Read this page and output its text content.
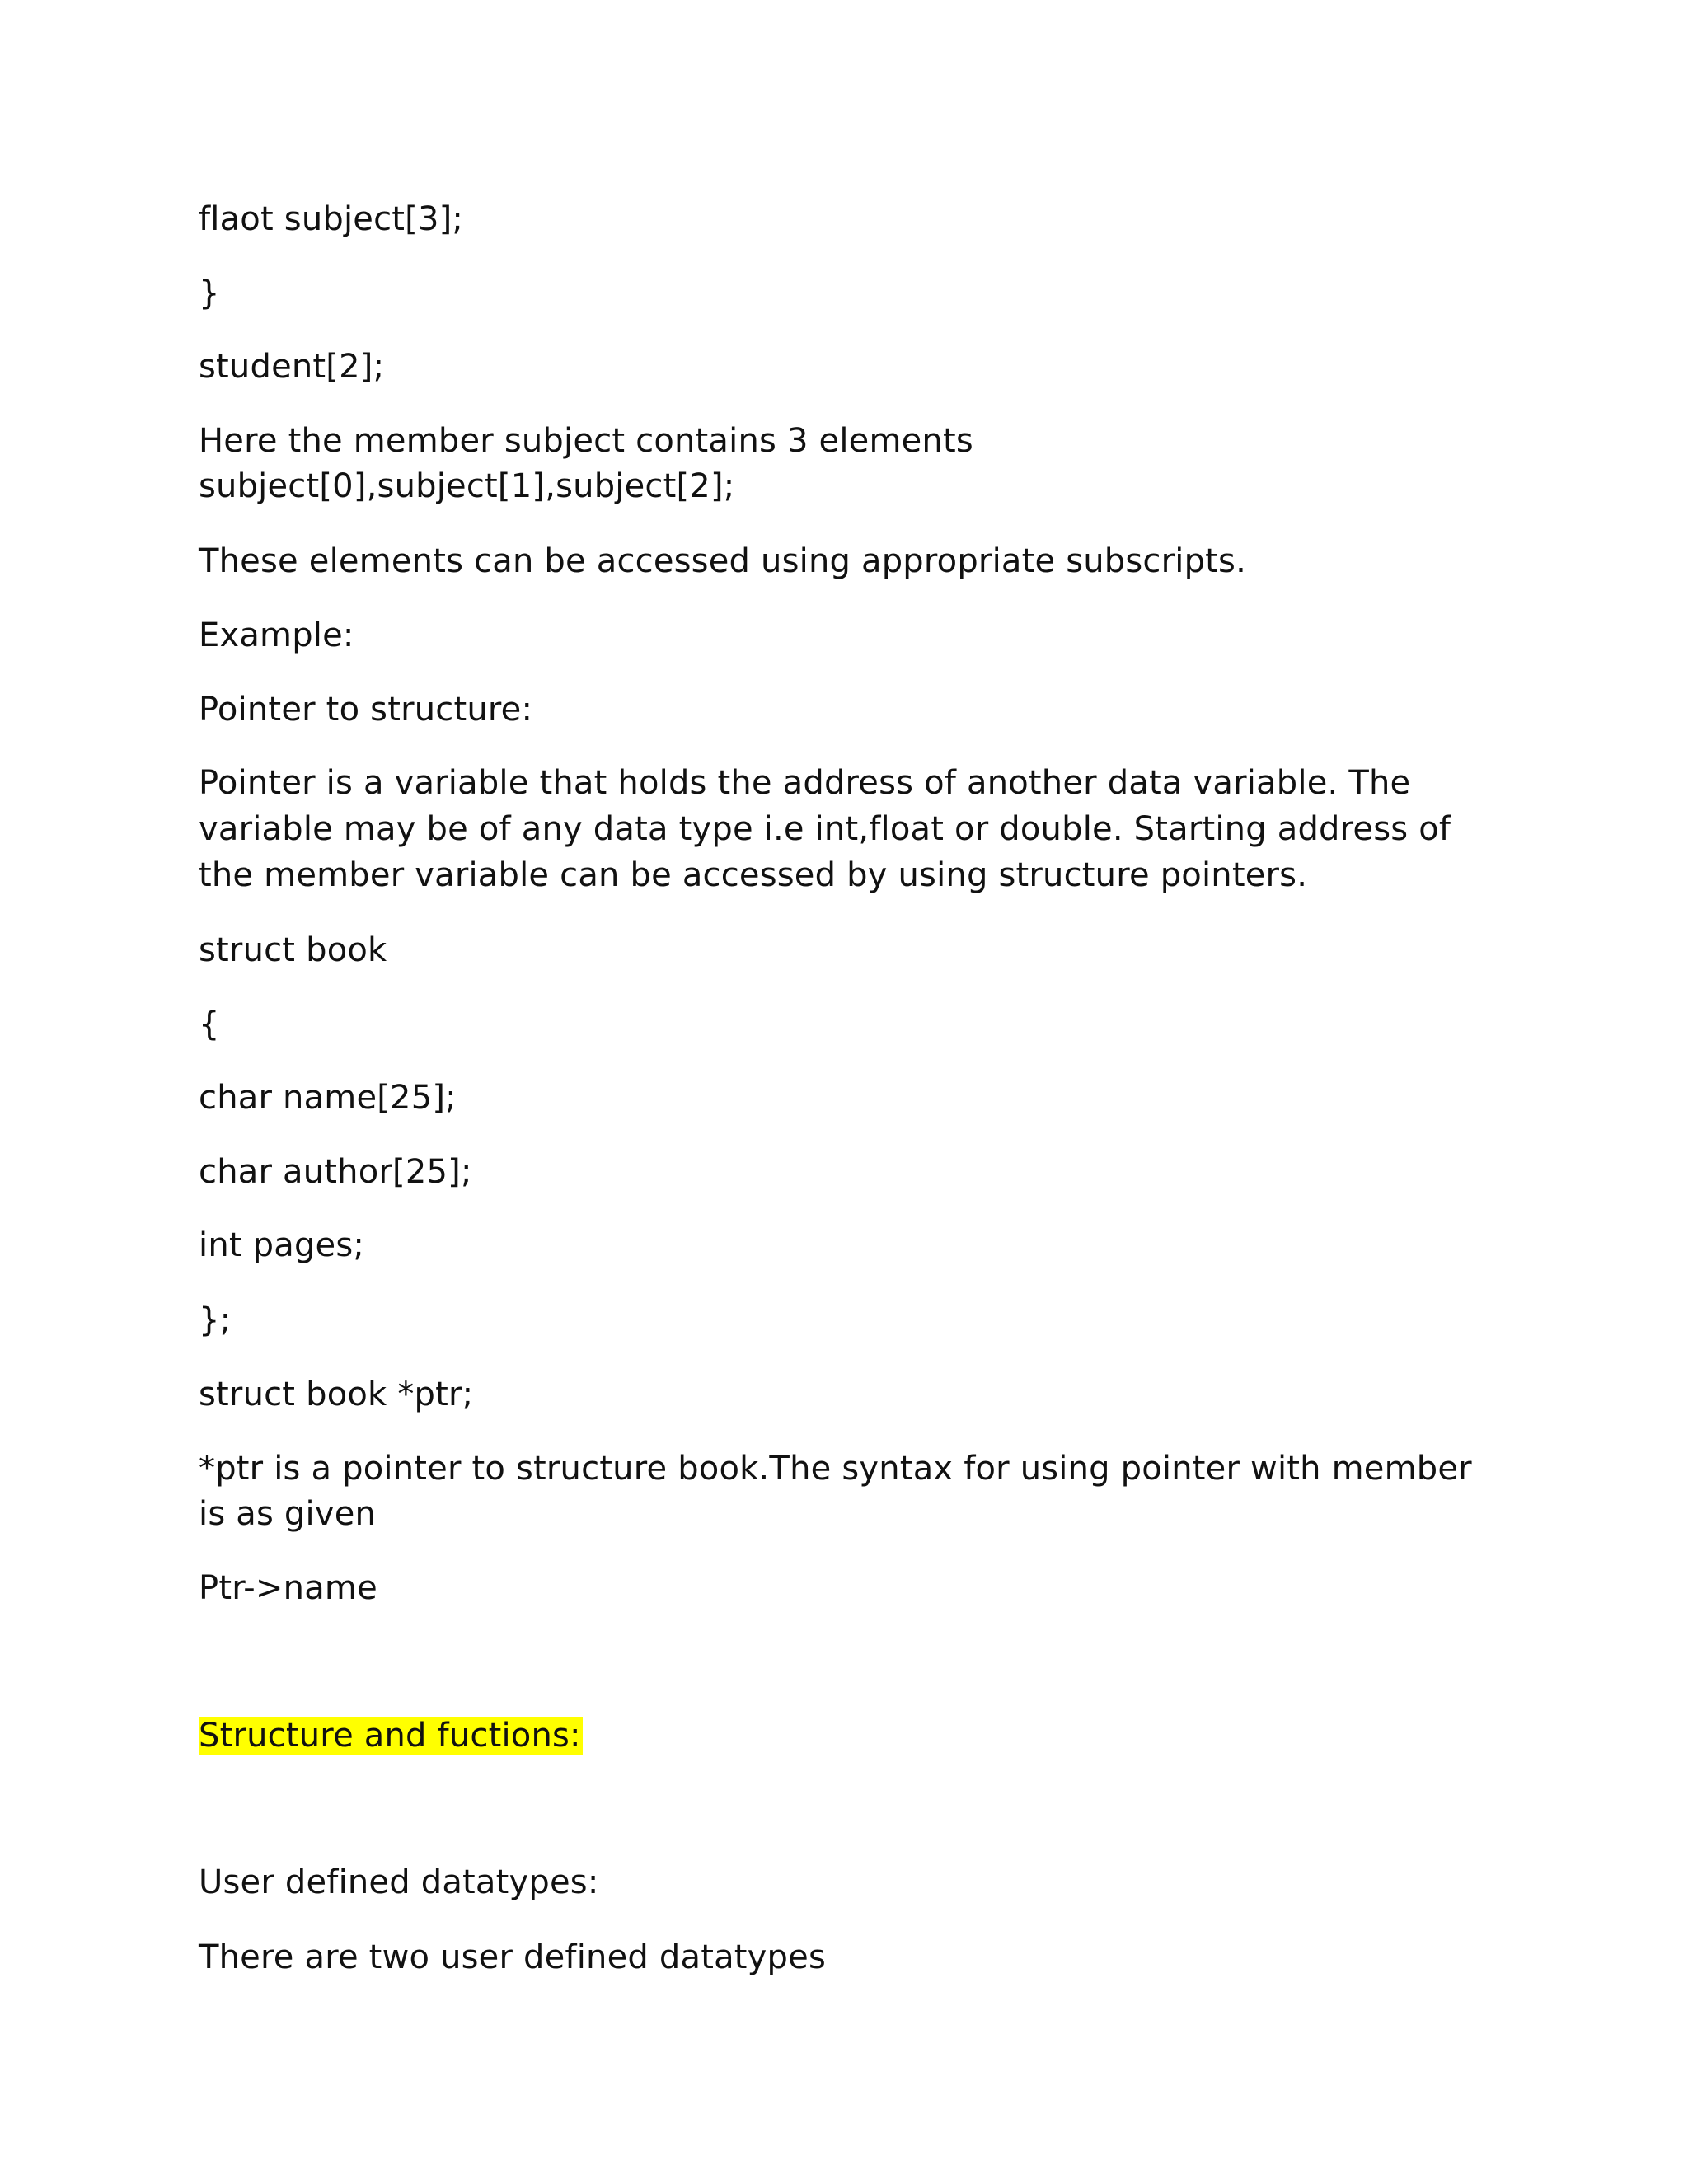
flaot subject[3];

}

student[2];

Here the member subject contains 3 elements

subject[0],subject[1],subject[2];

These elements can be accessed using appropriate subscripts.

Example:

Pointer to structure:

Pointer is a variable that holds the address of another data variable. The

variable may be of any data type i.e int,float or double. Starting address of

the member variable can be accessed by using structure pointers.

struct book

{

char name[25];

char author[25];

int pages;

};

struct book *ptr;

*ptr is a pointer to structure book.The syntax for using pointer with member

is as given

Ptr->name

Structure and fuctions:

User defined datatypes:

There are two user defined datatypes
